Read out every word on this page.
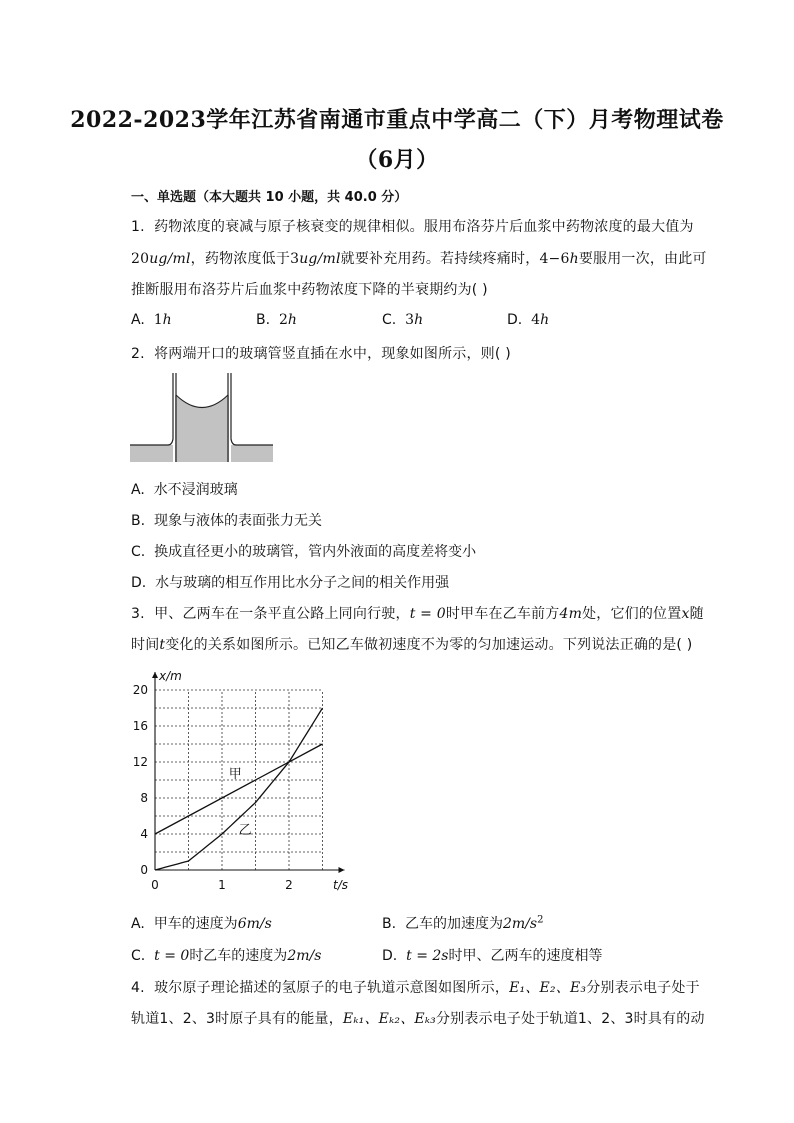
2022-2023学年江苏省南通市重点中学高二（下）月考物理试卷
（6月）
一、单选题（本大题共 10 小题，共 40.0 分）
1. 药物浓度的衰减与原子核衰变的规律相似。服用布洛芬片后血浆中药物浓度的最大值为
20ug/ml，药物浓度低于3ug/ml就要补充用药。若持续疼痛时，4−6h要服用一次，由此可
推断服用布洛芬片后血浆中药物浓度下降的半衰期约为( )
A. 1h	B. 2h	C. 3h	D. 4h
2. 将两端开口的玻璃管竖直插在水中，现象如图所示，则( )
A. 水不浸润玻璃
B. 现象与液体的表面张力无关
C. 换成直径更小的玻璃管，管内外液面的高度差将变小
D. 水与玻璃的相互作用比水分子之间的相关作用强
3. 甲、乙两车在一条平直公路上同向行驶，t = 0时甲车在乙车前方4m处，它们的位置x随
时间t变化的关系如图所示。已知乙车做初速度不为零的匀加速运动。下列说法正确的是( )
0
4
8
12
16
20
0	1	2	t/s
x/m
甲
乙
A. 甲车的速度为6m/s	B. 乙车的加速度为$2m/s^2$
C. t = 0时乙车的速度为2m/s	D. t = 2s时甲、乙两车的速度相等
4. 玻尔原子理论描述的氢原子的电子轨道示意图如图所示，E₁、E₂、E₃分别表示电子处于
轨道1、2、3时原子具有的能量，Eₖ₁、Eₖ₂、Eₖ₃分别表示电子处于轨道1、2、3时具有的动
